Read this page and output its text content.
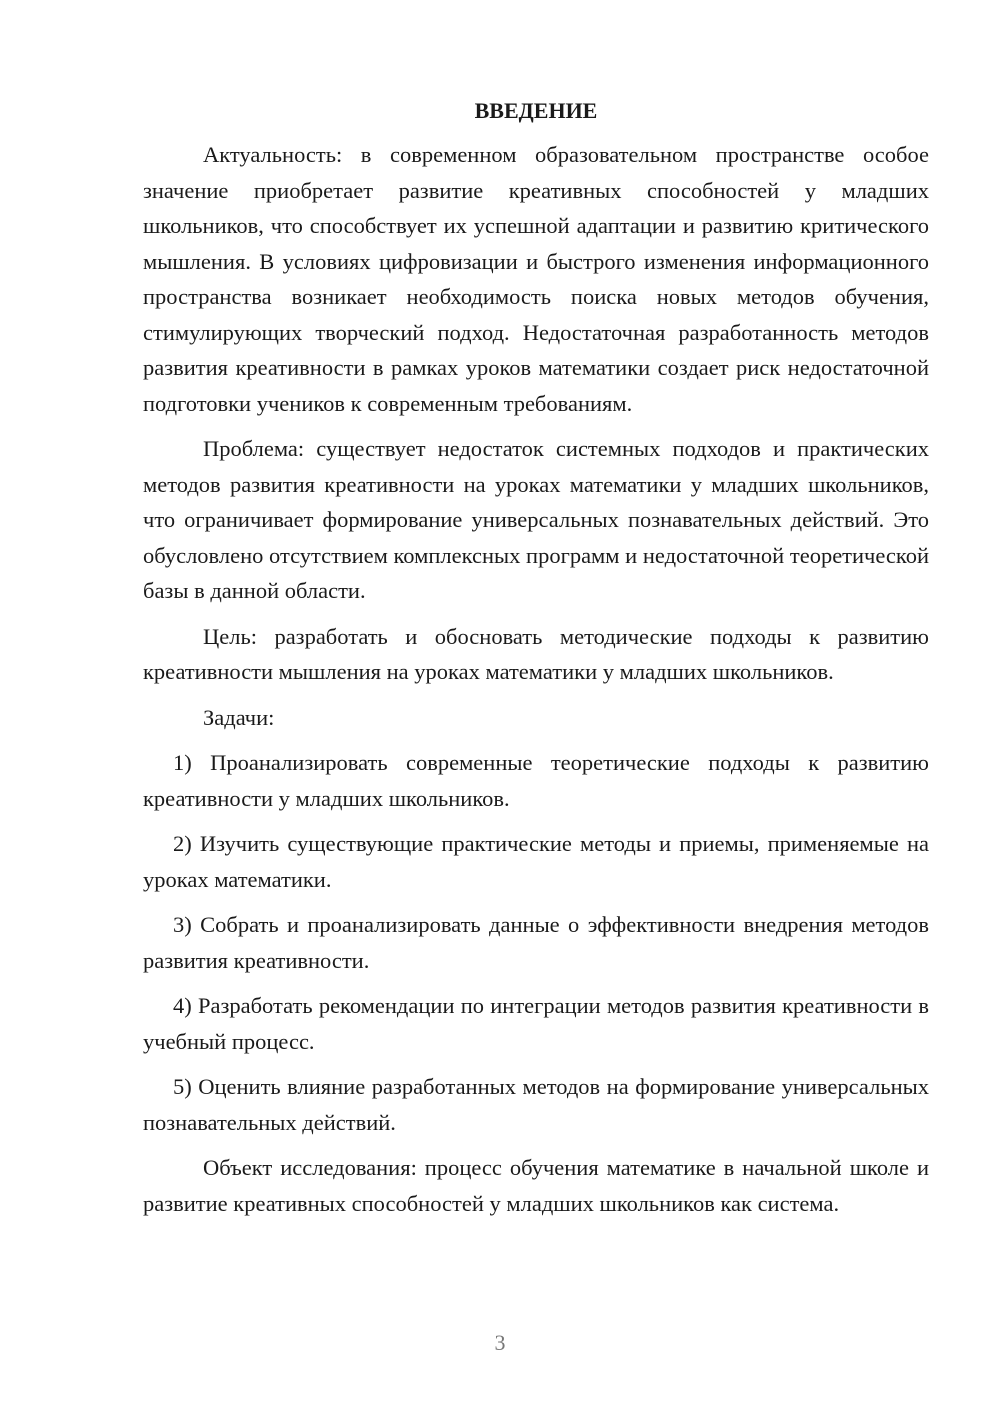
ВВЕДЕНИЕ

Актуальность: в современном образовательном пространстве особое значение приобретает развитие креативных способностей у младших школьников, что способствует их успешной адаптации и развитию критического мышления. В условиях цифровизации и быстрого изменения информационного пространства возникает необходимость поиска новых методов обучения, стимулирующих творческий подход. Недостаточная разработанность методов развития креативности в рамках уроков математики создает риск недостаточной подготовки учеников к современным требованиям.

Проблема: существует недостаток системных подходов и практических методов развития креативности на уроках математики у младших школьников, что ограничивает формирование универсальных познавательных действий. Это обусловлено отсутствием комплексных программ и недостаточной теоретической базы в данной области.

Цель: разработать и обосновать методические подходы к развитию креативности мышления на уроках математики у младших школьников.

Задачи:

1) Проанализировать современные теоретические подходы к развитию креативности у младших школьников.

2) Изучить существующие практические методы и приемы, применяемые на уроках математики.

3) Собрать и проанализировать данные о эффективности внедрения методов развития креативности.

4) Разработать рекомендации по интеграции методов развития креативности в учебный процесс.

5) Оценить влияние разработанных методов на формирование универсальных познавательных действий.

Объект исследования: процесс обучения математике в начальной школе и развитие креативных способностей у младших школьников как система.

3
